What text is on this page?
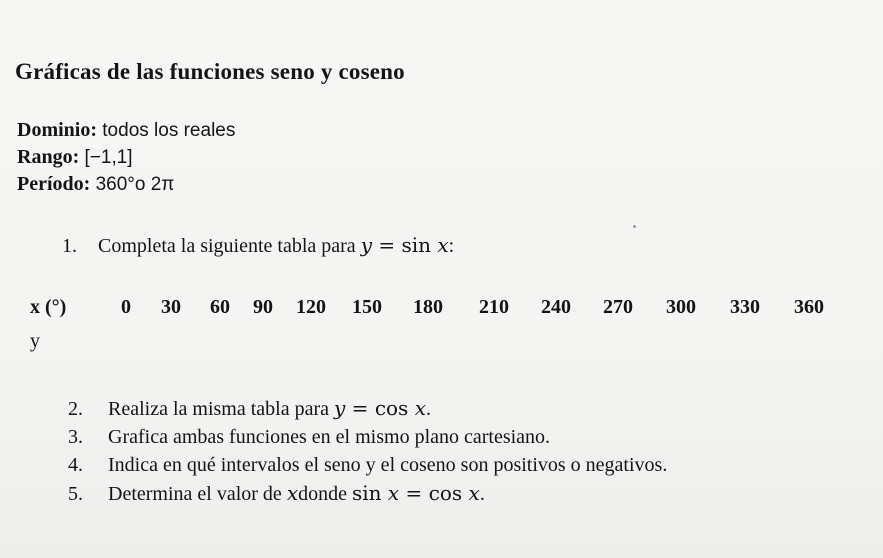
Gráficas de las funciones seno y coseno
Dominio: todos los reales
Rango: [−1,1]
Período: 360°o 2π
1. Completa la siguiente tabla para y = sin x:
x (°)	0 30 60 90 120 150 180 210 240 270 300 330 360
y
2. Realiza la misma tabla para y = cos x.
3. Grafica ambas funciones en el mismo plano cartesiano.
4. Indica en qué intervalos el seno y el coseno son positivos o negativos.
5. Determina el valor de xdonde sin x = cos x.
